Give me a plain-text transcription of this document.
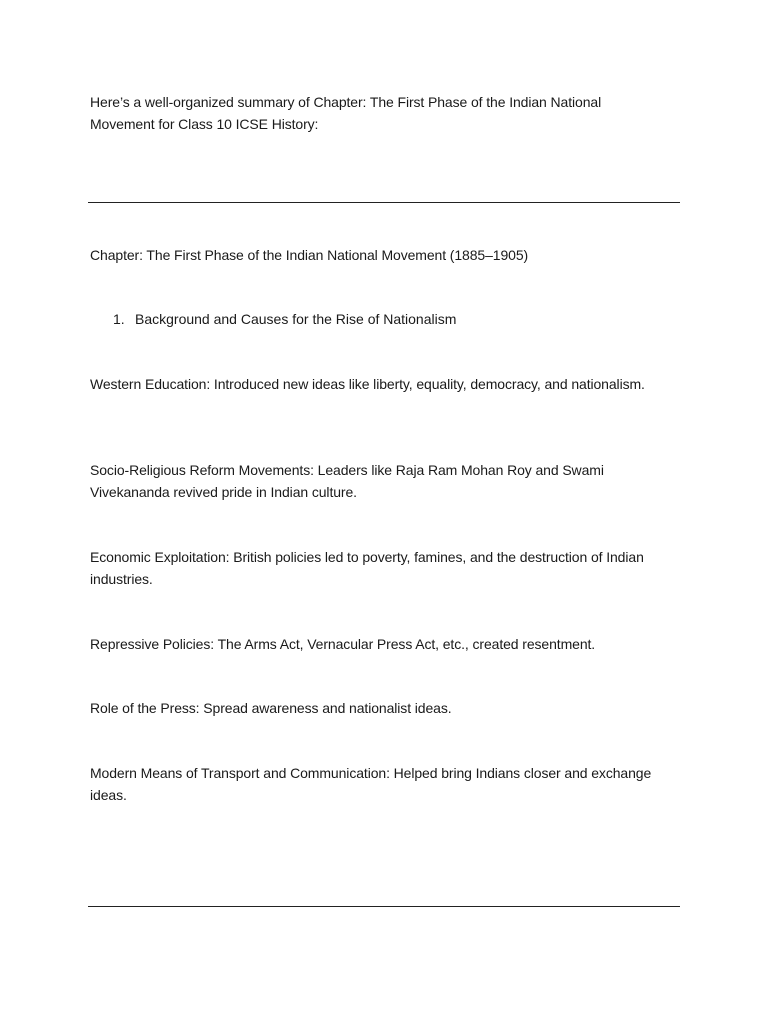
Here’s a well-organized summary of Chapter: The First Phase of the Indian National Movement for Class 10 ICSE History:

Chapter: The First Phase of the Indian National Movement (1885–1905)

1. Background and Causes for the Rise of Nationalism

Western Education: Introduced new ideas like liberty, equality, democracy, and nationalism.

Socio-Religious Reform Movements: Leaders like Raja Ram Mohan Roy and Swami Vivekananda revived pride in Indian culture.

Economic Exploitation: British policies led to poverty, famines, and the destruction of Indian industries.

Repressive Policies: The Arms Act, Vernacular Press Act, etc., created resentment.

Role of the Press: Spread awareness and nationalist ideas.

Modern Means of Transport and Communication: Helped bring Indians closer and exchange ideas.
